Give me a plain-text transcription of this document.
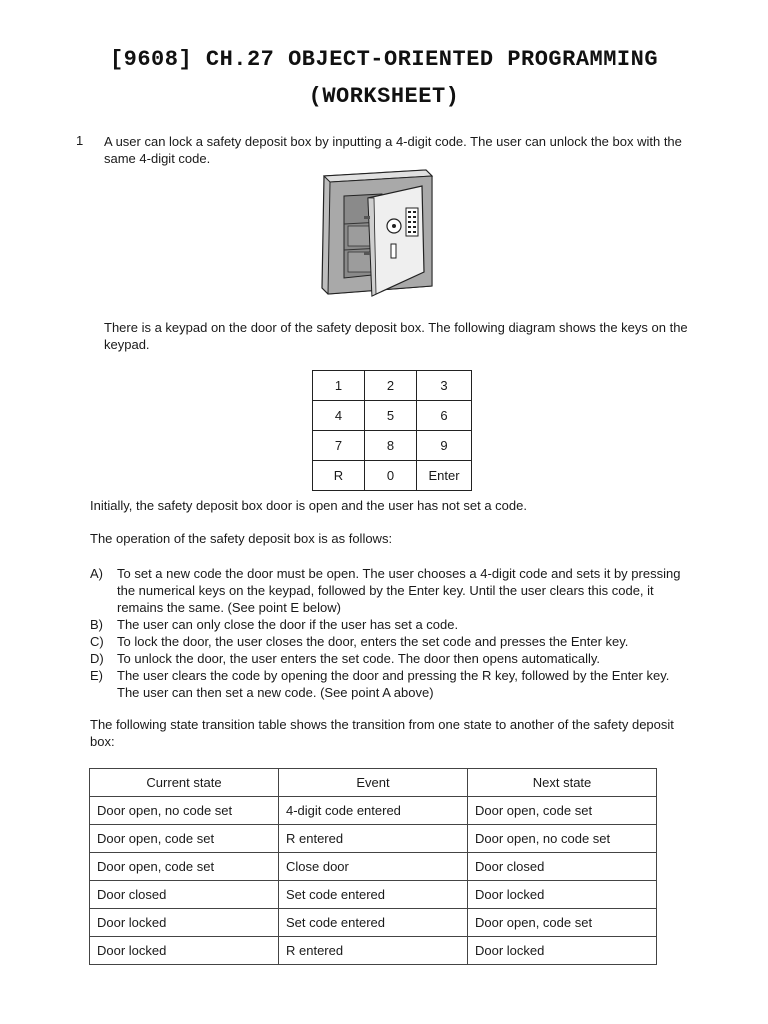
[9608] CH.27 OBJECT-ORIENTED PROGRAMMING
(WORKSHEET)
1 A user can lock a safety deposit box by inputting a 4-digit code. The user can unlock the box with the same 4-digit code.
There is a keypad on the door of the safety deposit box. The following diagram shows the keys on the keypad.
1	2	3
4	5	6
7	8	9
R	0	Enter
Initially, the safety deposit box door is open and the user has not set a code.
The operation of the safety deposit box is as follows:
A)	To set a new code the door must be open. The user chooses a 4-digit code and sets it by pressing the numerical keys on the keypad, followed by the Enter key. Until the user clears this code, it remains the same. (See point E below)
B)	The user can only close the door if the user has set a code.
C)	To lock the door, the user closes the door, enters the set code and presses the Enter key.
D)	To unlock the door, the user enters the set code. The door then opens automatically.
E)	The user clears the code by opening the door and pressing the R key, followed by the Enter key. The user can then set a new code. (See point A above)
The following state transition table shows the transition from one state to another of the safety deposit box:
Current state	Event	Next state
Door open, no code set	4-digit code entered	Door open, code set
Door open, code set	R entered	Door open, no code set
Door open, code set	Close door	Door closed
Door closed	Set code entered	Door locked
Door locked	Set code entered	Door open, code set
Door locked	R entered	Door locked
